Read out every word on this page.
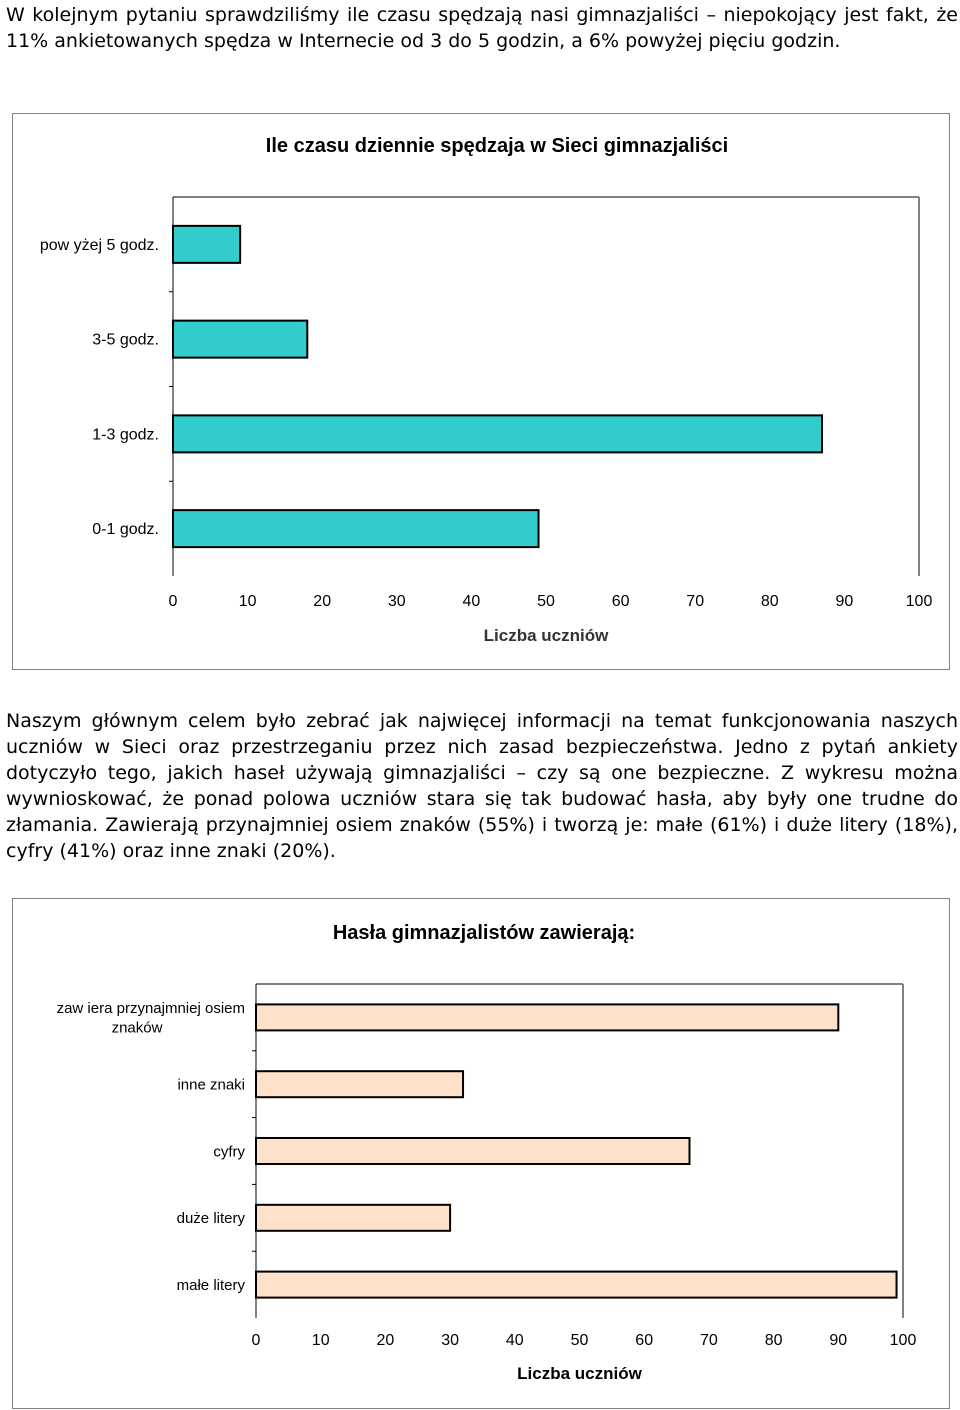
W kolejnym pytaniu sprawdziliśmy ile czasu spędzają nasi gimnazjaliści – niepokojący jest fakt, że 11% ankietowanych spędza w Internecie od 3 do 5 godzin, a 6% powyżej pięciu godzin.

Ile czasu dziennie spędzaja w Sieci gimnazjaliści
pow yżej 5 godz.
3-5 godz.
1-3 godz.
0-1 godz.
0	10	20	30	40	50	60	70	80	90	100
Liczba uczniów

Naszym głównym celem było zebrać jak najwięcej informacji na temat funkcjonowania naszych uczniów w Sieci oraz przestrzeganiu przez nich zasad bezpieczeństwa. Jedno z pytań ankiety dotyczyło tego, jakich haseł używają gimnazjaliści – czy są one bezpieczne. Z wykresu można wywnioskować, że ponad polowa uczniów stara się tak budować hasła, aby były one trudne do złamania. Zawierają przynajmniej osiem znaków (55%) i tworzą je: małe (61%) i duże litery (18%), cyfry (41%) oraz inne znaki (20%).

Hasła gimnazjalistów zawierają:
zaw iera przynajmniej osiem
znaków
inne znaki
cyfry
duże litery
małe litery
0	10	20	30	40	50	60	70	80	90	100
Liczba uczniów
